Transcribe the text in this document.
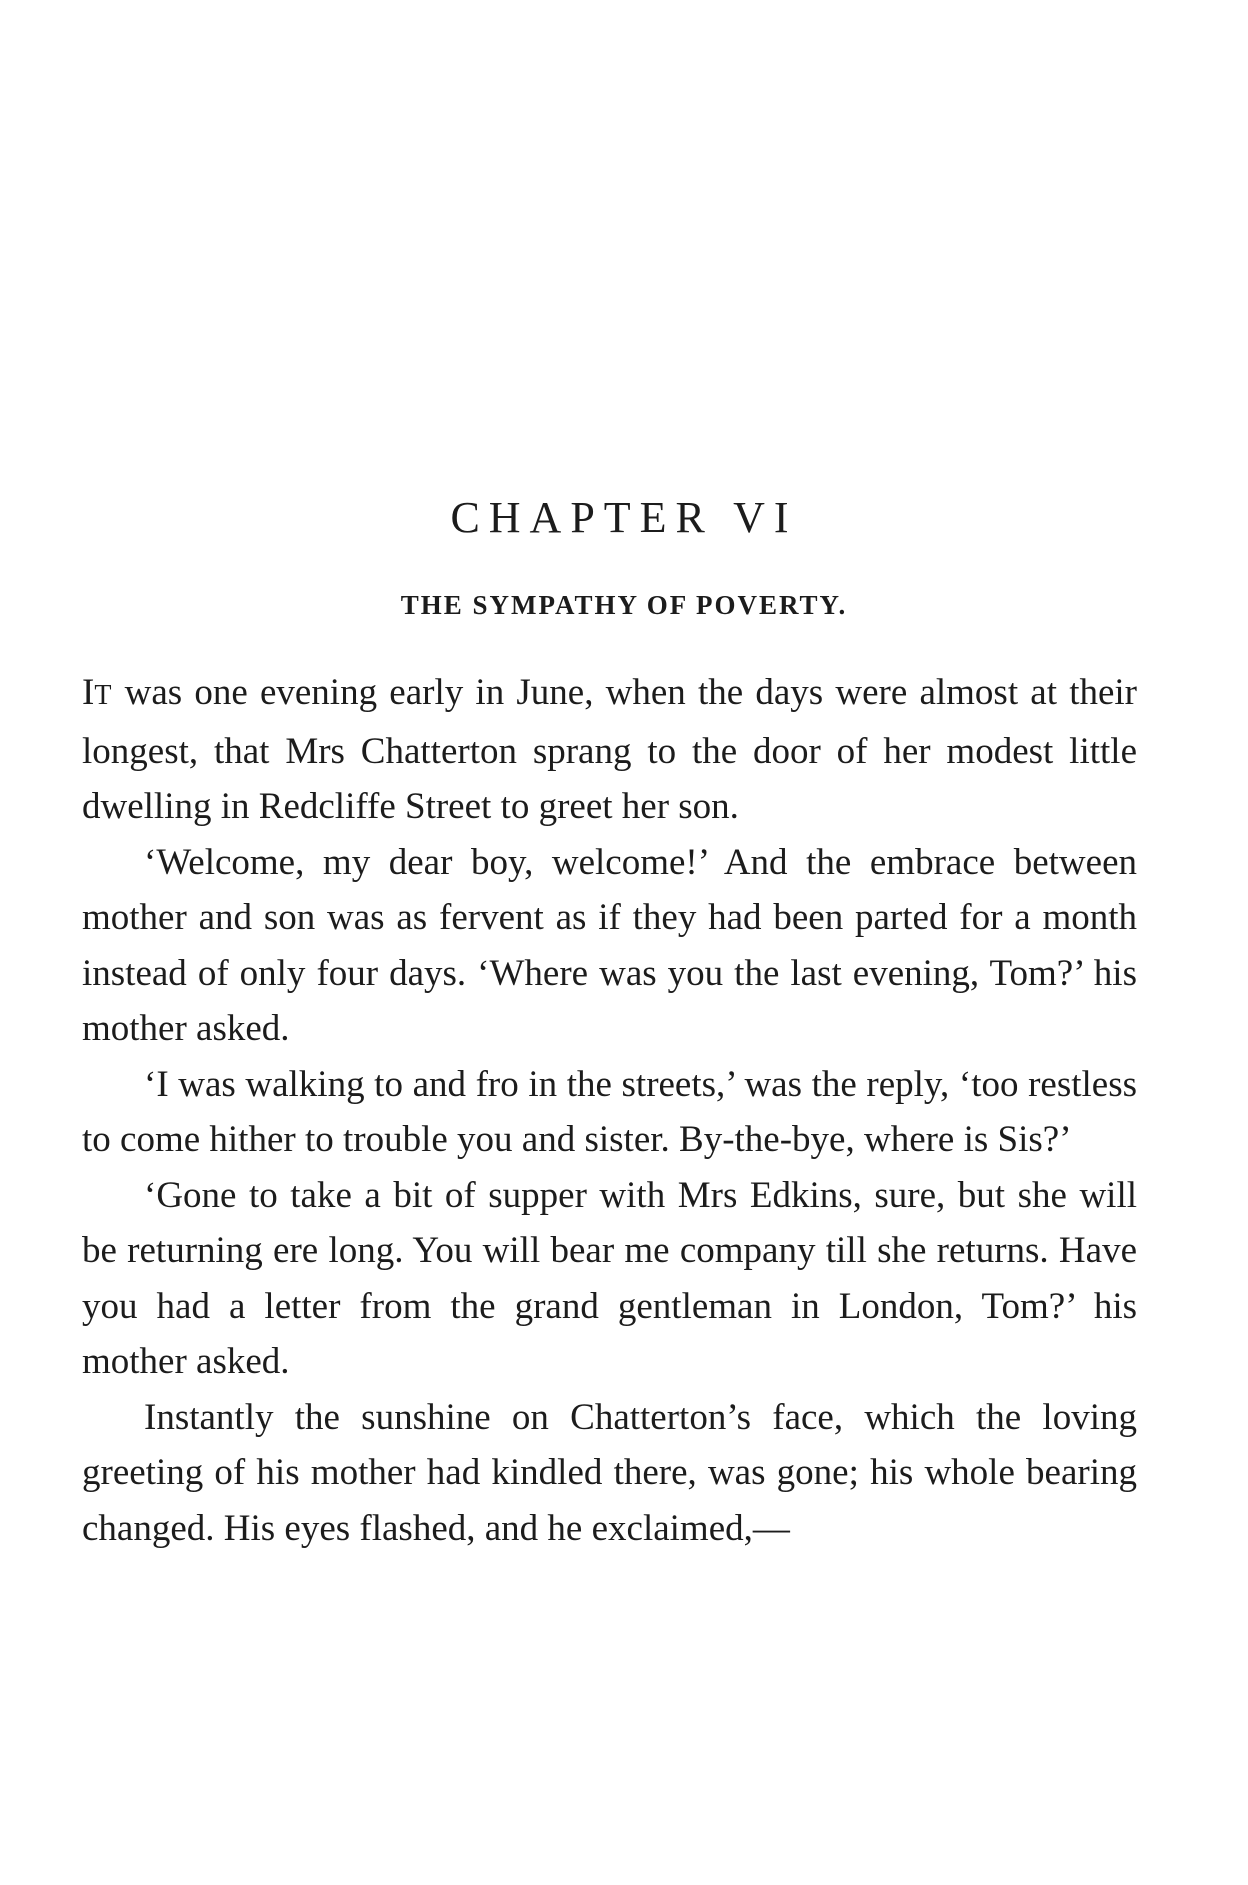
CHAPTER VI
THE SYMPATHY OF POVERTY.

IT was one evening early in June, when the days were almost at their longest, that Mrs Chatterton sprang to the door of her modest little dwelling in Redcliffe Street to greet her son.

‘Welcome, my dear boy, welcome!’ And the embrace between mother and son was as fervent as if they had been parted for a month instead of only four days. ‘Where was you the last evening, Tom?’ his mother asked.

‘I was walking to and fro in the streets,’ was the reply, ‘too restless to come hither to trouble you and sister. By-the-bye, where is Sis?’

‘Gone to take a bit of supper with Mrs Edkins, sure, but she will be returning ere long. You will bear me company till she returns. Have you had a letter from the grand gentleman in London, Tom?’ his mother asked.

Instantly the sunshine on Chatterton’s face, which the loving greeting of his mother had kindled there, was gone; his whole bearing changed. His eyes flashed, and he exclaimed,—
